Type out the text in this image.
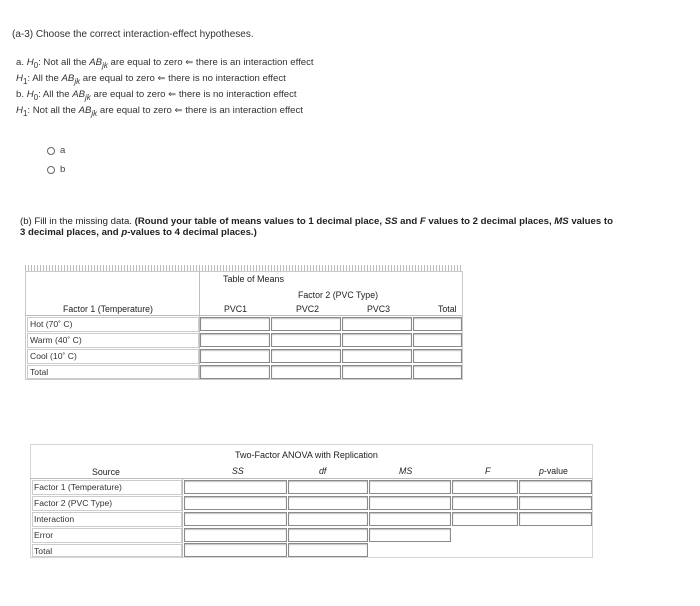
(a-3) Choose the correct interaction-effect hypotheses.
a. $H_0$: Not all the $AB_{jk}$ are equal to zero ⇐ there is an interaction effect
$H_1$: All the $AB_{jk}$ are equal to zero ⇐ there is no interaction effect
b. $H_0$: All the $AB_{jk}$ are equal to zero ⇐ there is no interaction effect
$H_1$: Not all the $AB_{jk}$ are equal to zero ⇐ there is an interaction effect
a
b
(b) Fill in the missing data. (Round your table of means values to 1 decimal place, SS and F values to 2 decimal places, MS values to
3 decimal places, and p-values to 4 decimal places.)
Table of Means
Factor 2 (PVC Type)
Factor 1 (Temperature)	PVC1	PVC2	PVC3	Total
Hot (70˚ C)
Warm (40˚ C)
Cool (10˚ C)
Total
Two-Factor ANOVA with Replication
Source	SS	df	MS	F	p-value
Factor 1 (Temperature)
Factor 2 (PVC Type)
Interaction
Error
Total
